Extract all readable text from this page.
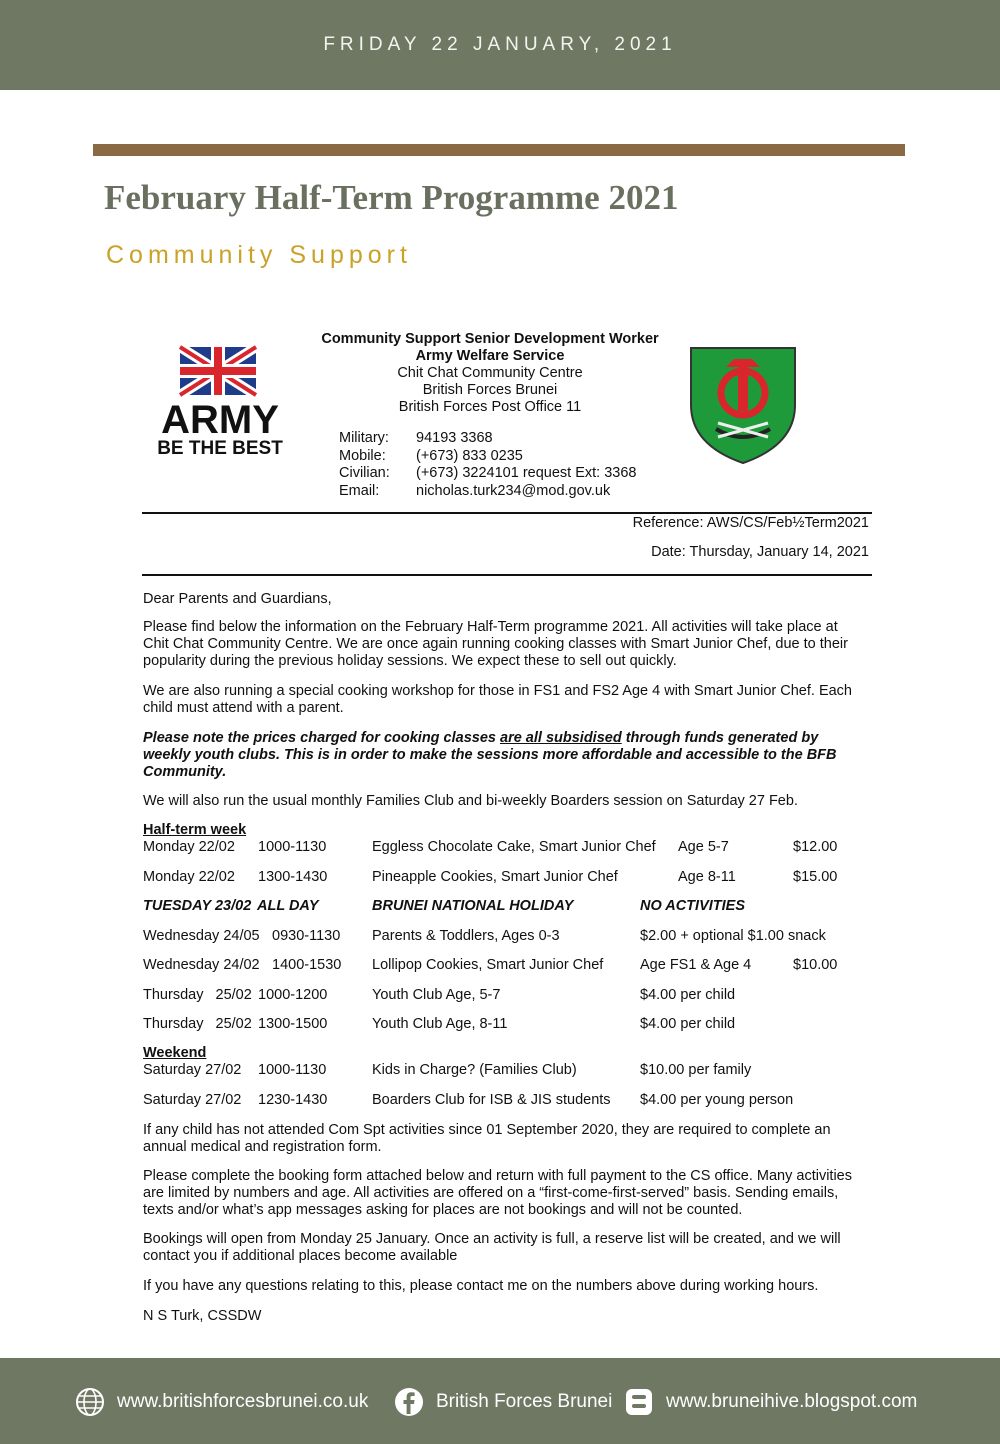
FRIDAY 22 JANUARY, 2021
February Half-Term Programme 2021
Community Support
ARMY
BE THE BEST
Community Support Senior Development Worker
Army Welfare Service
Chit Chat Community Centre
British Forces Brunei
British Forces Post Office 11
Military:	94193 3368
Mobile:	(+673) 833 0235
Civilian:	(+673) 3224101 request Ext: 3368
Email:	nicholas.turk234@mod.gov.uk
Reference: AWS/CS/Feb½Term2021
Date: Thursday, January 14, 2021

Dear Parents and Guardians,

Please find below the information on the February Half-Term programme 2021. All activities will take place at Chit Chat Community Centre. We are once again running cooking classes with Smart Junior Chef, due to their popularity during the previous holiday sessions. We expect these to sell out quickly.

We are also running a special cooking workshop for those in FS1 and FS2 Age 4 with Smart Junior Chef. Each child must attend with a parent.

Please note the prices charged for cooking classes are all subsidised through funds generated by weekly youth clubs. This is in order to make the sessions more affordable and accessible to the BFB Community.

We will also run the usual monthly Families Club and bi-weekly Boarders session on Saturday 27 Feb.

Half-term week
Monday 22/02 1000-1130	Eggless Chocolate Cake, Smart Junior Chef Age 5-7	$12.00
Monday 22/02 1300-1430	Pineapple Cookies, Smart Junior Chef	Age 8-11	$15.00
TUESDAY 23/02 ALL DAY	BRUNEI NATIONAL HOLIDAY	NO ACTIVITIES
Wednesday 24/05 0930-1130 Parents & Toddlers, Ages 0-3	$2.00 + optional $1.00 snack
Wednesday 24/02 1400-1530 Lollipop Cookies, Smart Junior Chef	Age FS1 & Age 4	$10.00
Thursday   25/02 1000-1200	Youth Club Age, 5-7	$4.00 per child
Thursday   25/02 1300-1500	Youth Club Age, 8-11	$4.00 per child
Weekend
Saturday 27/02 1000-1130	Kids in Charge? (Families Club)	$10.00 per family
Saturday 27/02 1230-1430	Boarders Club for ISB & JIS students $4.00 per young person

If any child has not attended Com Spt activities since 01 September 2020, they are required to complete an annual medical and registration form.

Please complete the booking form attached below and return with full payment to the CS office. Many activities are limited by numbers and age. All activities are offered on a “first-come-first-served” basis. Sending emails, texts and/or what’s app messages asking for places are not bookings and will not be counted.

Bookings will open from Monday 25 January. Once an activity is full, a reserve list will be created, and we will contact you if additional places become available

If you have any questions relating to this, please contact me on the numbers above during working hours.

N S Turk, CSSDW

www.britishforcesbrunei.co.uk	British Forces Brunei	www.bruneihive.blogspot.com
